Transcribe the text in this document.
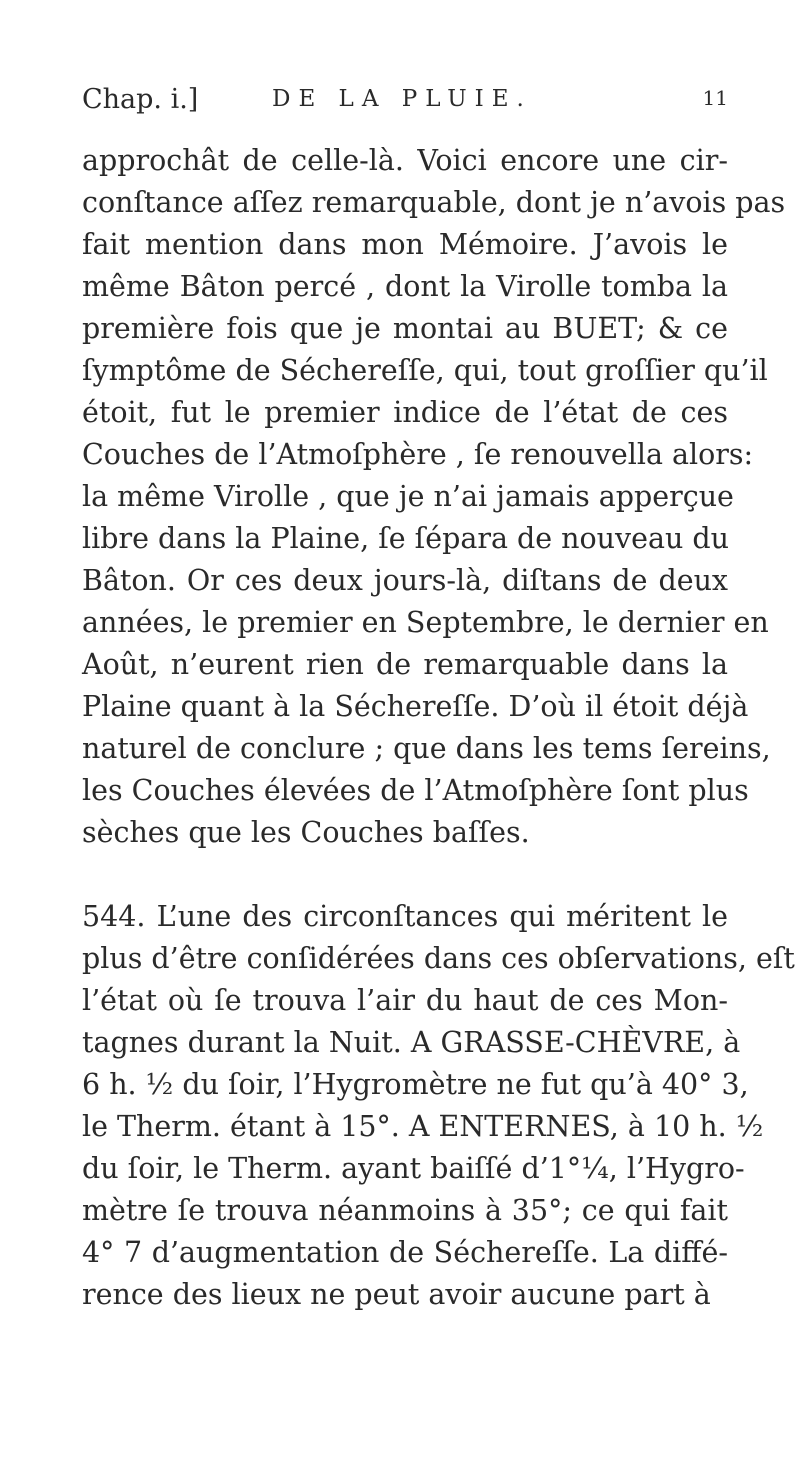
Chap. i.]	DE LA PLUIE.	11
approchât de celle-là. Voici encore une cir-
conſtance aſſez remarquable, dont je n’avois pas
fait mention dans mon Mémoire. J’avois le
même Bâton percé , dont la Virolle tomba la
première fois que je montai au BUET; & ce
ſymptôme de Sécherеſſe, qui, tout groſſier qu’il
étoit, fut le premier indice de l’état de ces
Couches de l’Atmoſphère , ſe renouvella alors:
la même Virolle , que je n’ai jamais apperçue
libre dans la Plaine, ſe ſépara de nouveau du
Bâton. Or ces deux jours-là, diſtans de deux
années, le premier en Septembre, le dernier en
Août, n’eurent rien de remarquable dans la
Plaine quant à la Sécherеſſe. D’où il étoit déjà
naturel de conclure ; que dans les tems ſereins,
les Couches élevées de l’Atmoſphère ſont plus
sèches que les Couches baſſes.
544. L’une des circonſtances qui méritent le
plus d’être conſidérées dans ces obſervations, eſt
l’état où ſe trouva l’air du haut de ces Mon-
tagnes durant la Nuit. A GRASSE-CHÈVRE, à
6 h. ½ du ſoir, l’Hygromètre ne fut qu’à 40° 3,
le Therm. étant à 15°. A ENTERNES, à 10 h. ½
du ſoir, le Therm. ayant baiſſé d’1°¼, l’Hygro-
mètre ſe trouva néanmoins à 35°; ce qui fait
4° 7 d’augmentation de Sécherеſſe. La diffé-
rence des lieux ne peut avoir aucune part à
